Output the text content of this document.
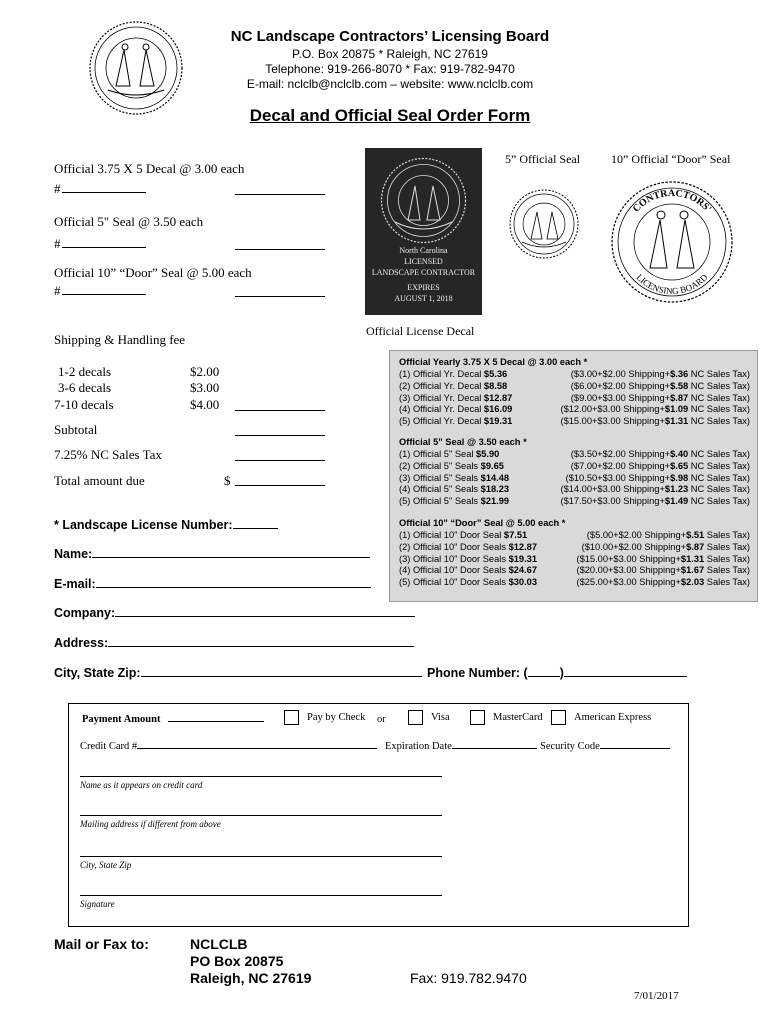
NC Landscape Contractors’ Licensing Board
P.O. Box 20875 * Raleigh, NC 27619
Telephone: 919-266-8070 * Fax: 919-782-9470
E-mail: nclclb@nclclb.com – website: www.nclclb.com
Decal and Official Seal Order Form
Official 3.75 X 5 Decal @ 3.00 each
#
Official 5" Seal @ 3.50 each
#
Official 10” “Door” Seal @ 5.00 each
#
North Carolina
LICENSED
LANDSCAPE CONTRACTOR
EXPIRES
AUGUST 1, 2018
Official License Decal
5” Official Seal	10” Official “Door” Seal
CONTRACTORS'
LICENSING BOARD
Shipping & Handling fee
1-2 decals	$2.00
3-6 decals	$3.00
7-10 decals	$4.00
Subtotal
7.25% NC Sales Tax
Total amount due	$
Official Yearly 3.75 X 5 Decal @ 3.00 each *
(1) Official Yr. Decal $5.36	($3.00+$2.00 Shipping+$.36 NC Sales Tax)
(2) Official Yr. Decal $8.58	($6.00+$2.00 Shipping+$.58 NC Sales Tax)
(3) Official Yr. Decal $12.87	($9.00+$3.00 Shipping+$.87 NC Sales Tax)
(4) Official Yr. Decal $16.09	($12.00+$3.00 Shipping+$1.09 NC Sales Tax)
(5) Official Yr. Decal $19.31	($15.00+$3.00 Shipping+$1.31 NC Sales Tax)
Official 5" Seal @ 3.50 each *
(1) Official 5" Seal $5.90	($3.50+$2.00 Shipping+$.40 NC Sales Tax)
(2) Official 5" Seals $9.65	($7.00+$2.00 Shipping+$.65 NC Sales Tax)
(3) Official 5" Seals $14.48	($10.50+$3.00 Shipping+$.98 NC Sales Tax)
(4) Official 5" Seals $18.23	($14.00+$3.00 Shipping+$1.23 NC Sales Tax)
(5) Official 5" Seals $21.99	($17.50+$3.00 Shipping+$1.49 NC Sales Tax)
Official 10" “Door” Seal @ 5.00 each *
(1) Official 10" Door Seal $7.51	($5.00+$2.00 Shipping+$.51 Sales Tax)
(2) Official 10" Door Seals $12.87	($10.00+$2.00 Shipping+$.87 Sales Tax)
(3) Official 10" Door Seals $19.31	($15.00+$3.00 Shipping+$1.31 Sales Tax)
(4) Official 10" Door Seals $24.67	($20.00+$3.00 Shipping+$1.67 Sales Tax)
(5) Official 10" Door Seals $30.03	($25.00+$3.00 Shipping+$2.03 Sales Tax)
* Landscape License Number:
Name:
E-mail:
Company:
Address:
City, State Zip:	Phone Number: (	)
Payment Amount	Pay by Check or	Visa	MasterCard	American Express
Credit Card #	Expiration Date	Security Code
Name as it appears on credit card
Mailing address if different from above
City, State Zip
Signature
Mail or Fax to:	NCLCLB
PO Box 20875
Raleigh, NC 27619	Fax: 919.782.9470
7/01/2017
